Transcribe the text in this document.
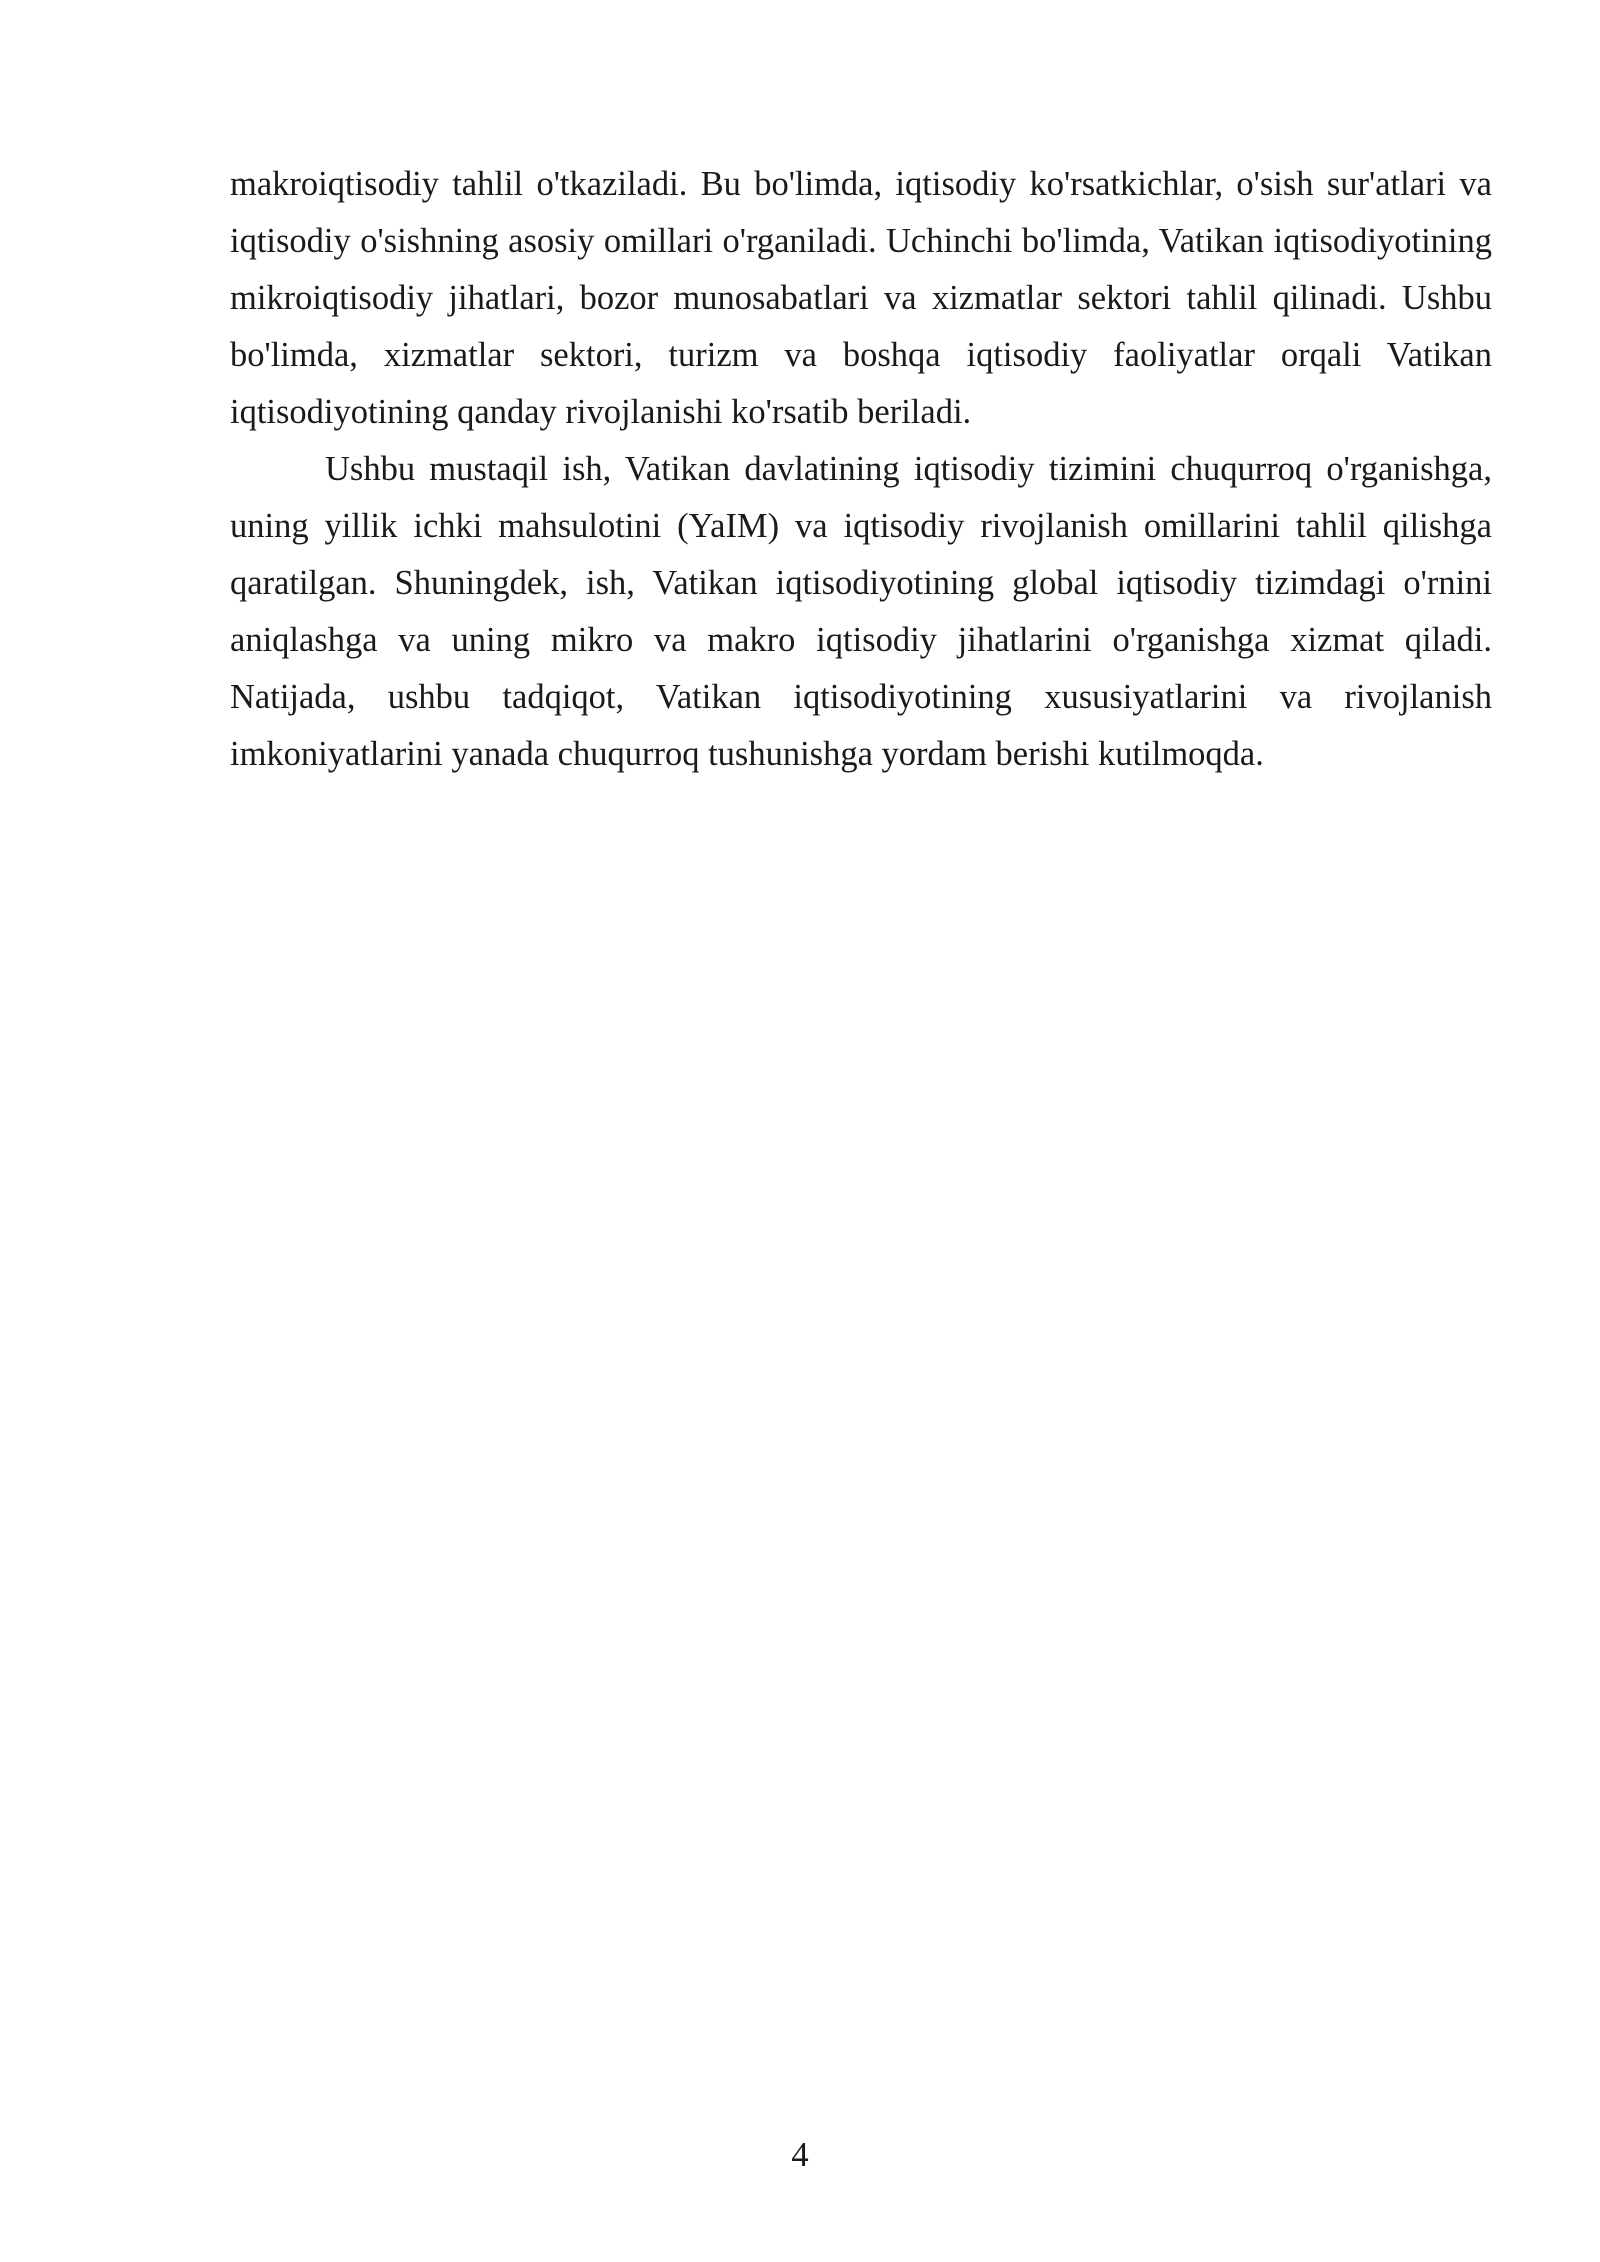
makroiqtisodiy tahlil o'tkaziladi. Bu bo'limda, iqtisodiy ko'rsatkichlar, o'sish sur'atlari va iqtisodiy o'sishning asosiy omillari o'rganiladi. Uchinchi bo'limda, Vatikan iqtisodiyotining mikroiqtisodiy jihatlari, bozor munosabatlari va xizmatlar sektori tahlil qilinadi. Ushbu bo'limda, xizmatlar sektori, turizm va boshqa iqtisodiy faoliyatlar orqali Vatikan iqtisodiyotining qanday rivojlanishi ko'rsatib beriladi.

Ushbu mustaqil ish, Vatikan davlatining iqtisodiy tizimini chuqurroq o'rganishga, uning yillik ichki mahsulotini (YaIM) va iqtisodiy rivojlanish omillarini tahlil qilishga qaratilgan. Shuningdek, ish, Vatikan iqtisodiyotining global iqtisodiy tizimdagi o'rnini aniqlashga va uning mikro va makro iqtisodiy jihatlarini o'rganishga xizmat qiladi. Natijada, ushbu tadqiqot, Vatikan iqtisodiyotining xususiyatlarini va rivojlanish imkoniyatlarini yanada chuqurroq tushunishga yordam berishi kutilmoqda.

4
